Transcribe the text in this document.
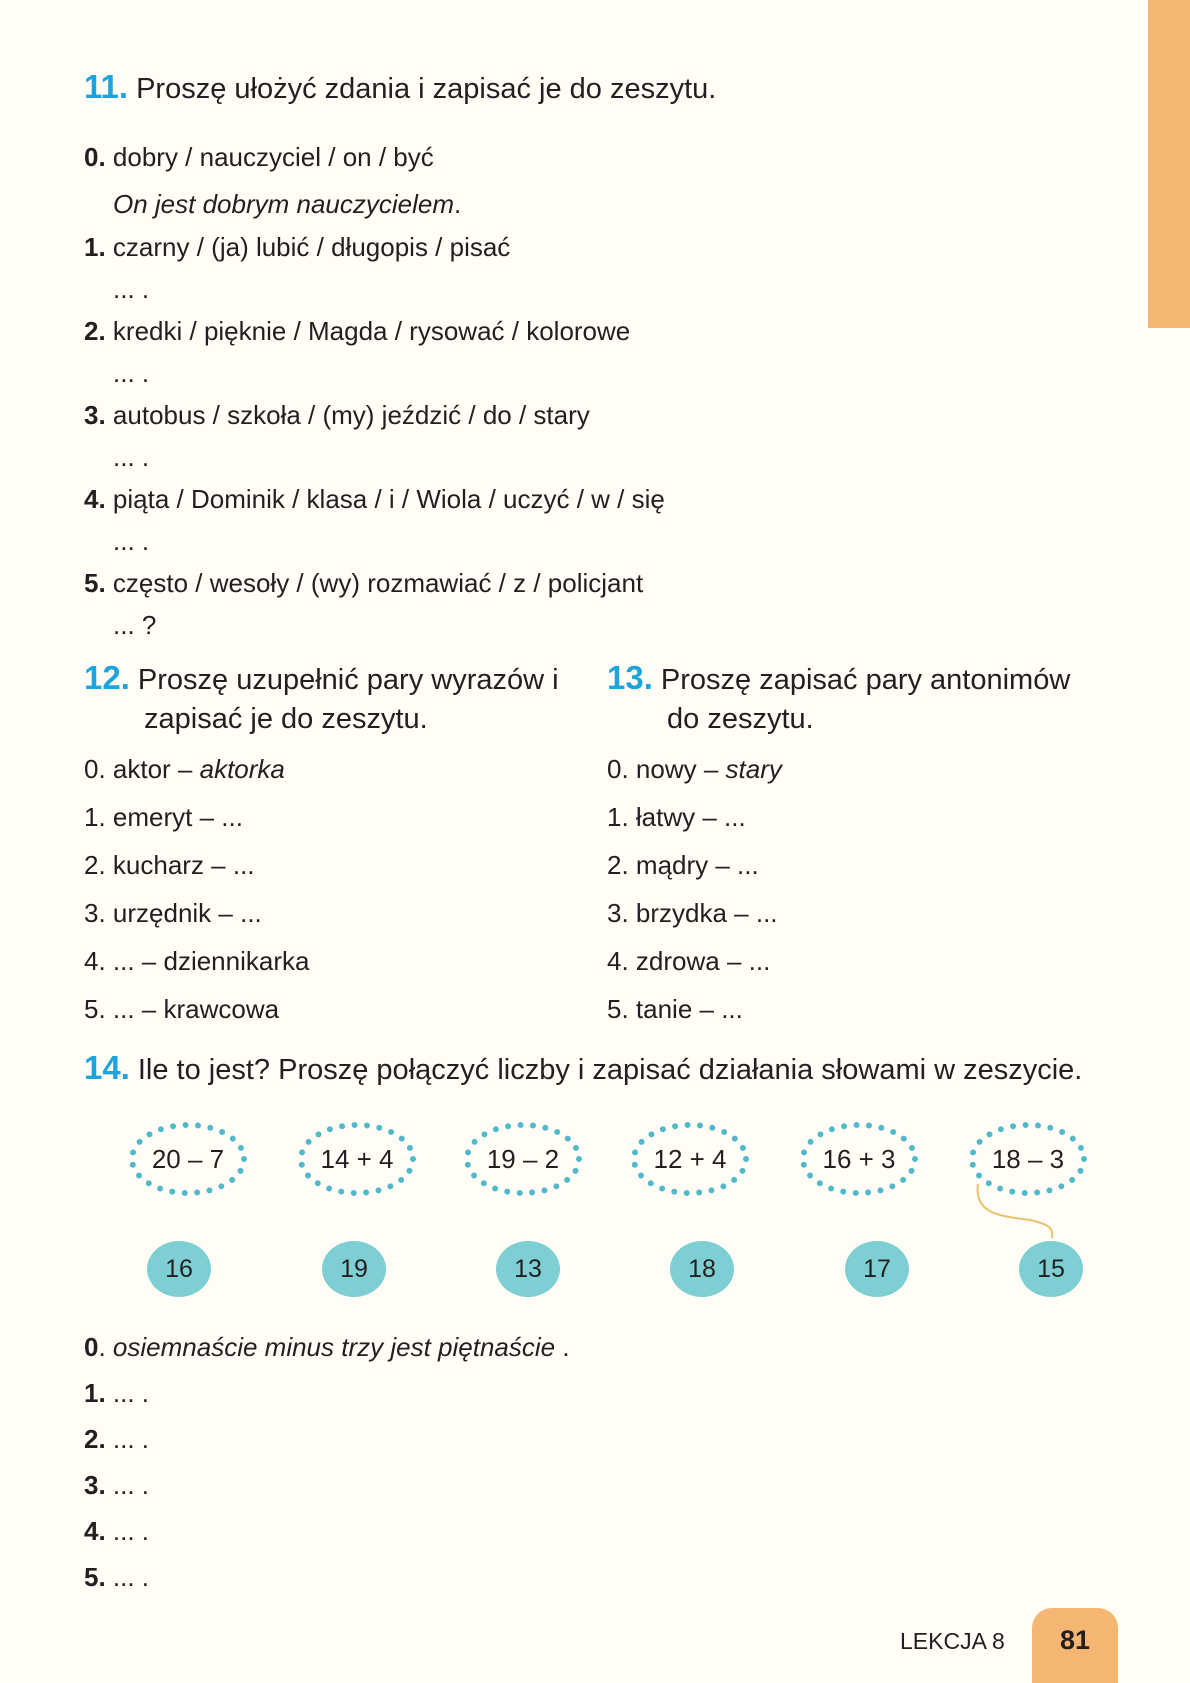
11. Proszę ułożyć zdania i zapisać je do zeszytu.
0. dobry / nauczyciel / on / być
On jest dobrym nauczycielem.
1. czarny / (ja) lubić / długopis / pisać
... .
2. kredki / pięknie / Magda / rysować / kolorowe
... .
3. autobus / szkoła / (my) jeździć / do / stary
... .
4. piąta / Dominik / klasa / i / Wiola / uczyć / w / się
... .
5. często / wesoły / (wy) rozmawiać / z / policjant
... ?
12. Proszę uzupełnić pary wyrazów i
zapisać je do zeszytu.
0. aktor – aktorka
1. emeryt – ...
2. kucharz – ...
3. urzędnik – ...
4. ... – dziennikarka
5. ... – krawcowa
13. Proszę zapisać pary antonimów
do zeszytu.
0. nowy – stary
1. łatwy – ...
2. mądry – ...
3. brzydka – ...
4. zdrowa – ...
5. tanie – ...
14. Ile to jest? Proszę połączyć liczby i zapisać działania słowami w zeszycie.
20 – 7	14 + 4	19 – 2	12 + 4	16 + 3	18 – 3
16	19	13	18	17	15
0. osiemnaście minus trzy jest piętnaście .
1. ... .
2. ... .
3. ... .
4. ... .
5. ... .
LEKCJA 8	81
